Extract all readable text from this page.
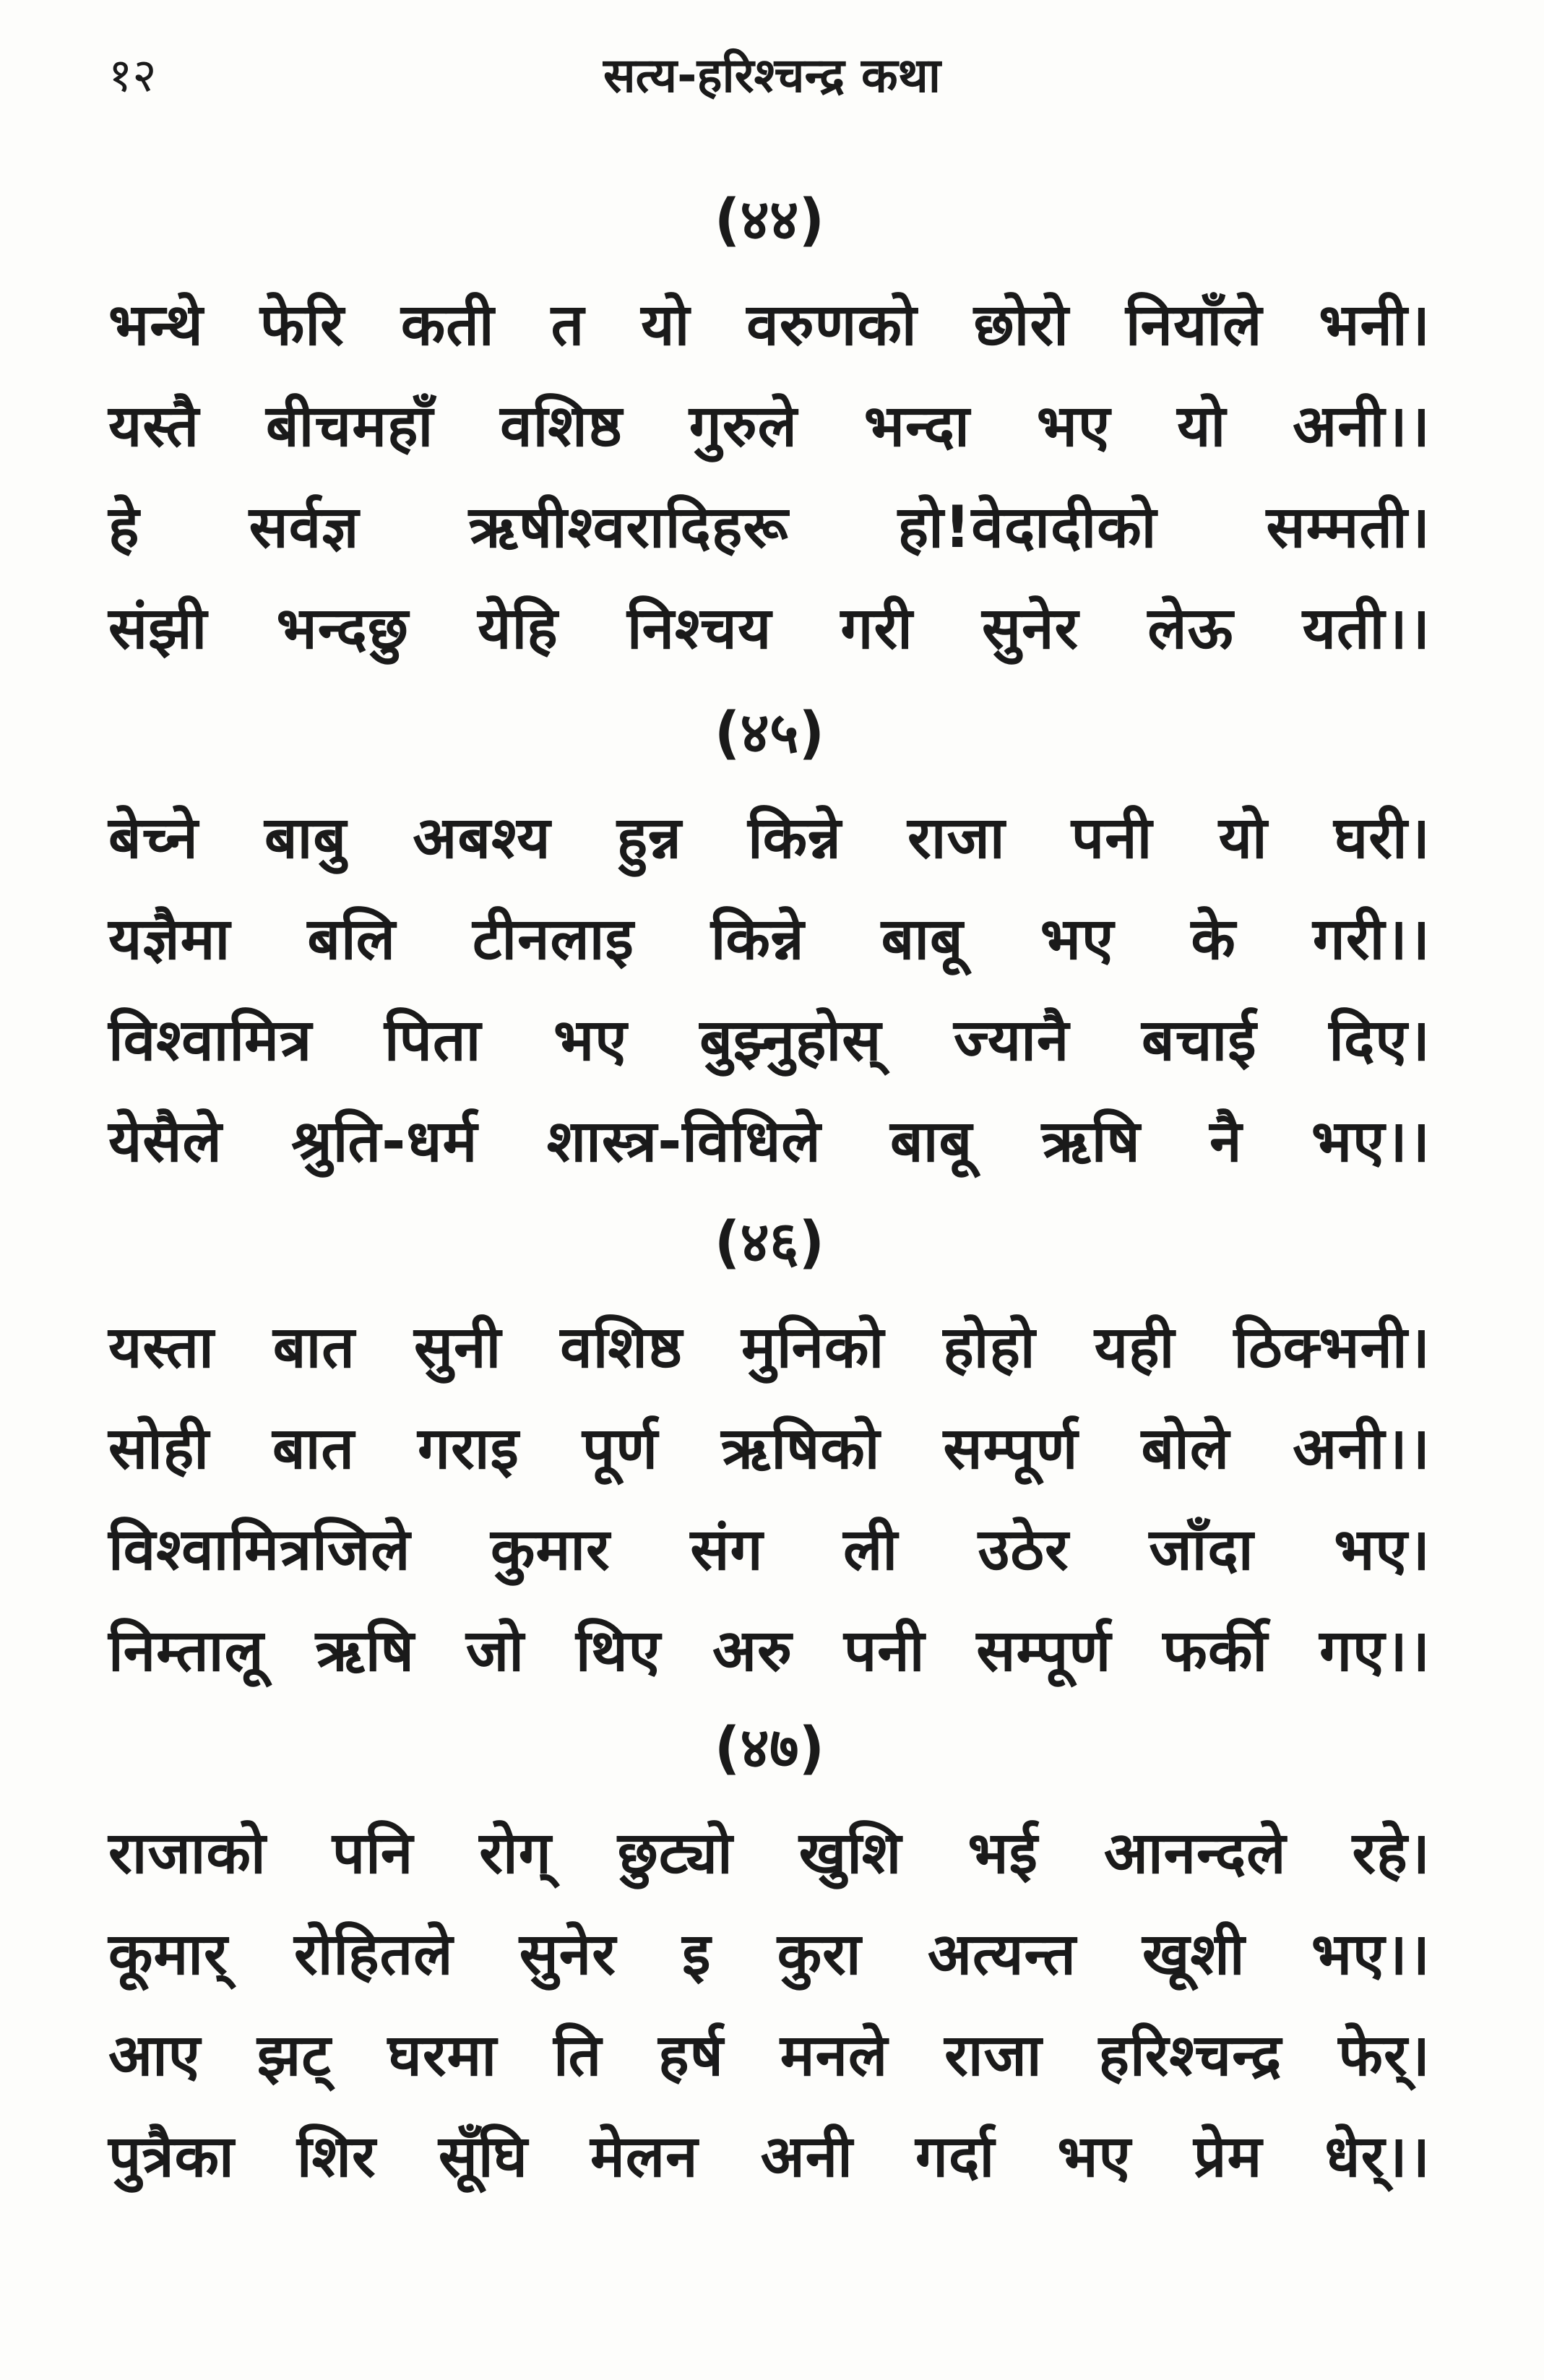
१२	सत्य-हरिश्चन्द्र कथा
(४४)
भन्थे फेरि कती त यो वरुणको छोरो नियाँले भनी।
यस्तै बीचमहाँ वशिष्ठ गुरुले भन्दा भए यो अनी।।
हे सर्वज्ञ ऋषीश्वरादिहरू हो!वेदादीको सम्मती।
संझी भन्दछु येहि निश्चय गरी सुनेर लेऊ यती।।
(४५)
बेच्ने बाबु अबश्य हुन्न किन्ने राजा पनी यो घरी।
यज्ञैमा बलि टीनलाइ किन्ने बाबू भए के गरी।।
विश्वामित्र पिता भए बुझ्नुहोस् ज्यानै बचाई दिए।
येसैले श्रुति-धर्म शास्त्र-विधिले बाबू ऋषि नै भए।।
(४६)
यस्ता बात सुनी वशिष्ठ मुनिको होहो यही ठिक्भनी।
सोही बात गराइ पूर्ण ऋषिको सम्पूर्ण बोले अनी।।
विश्वामित्रजिले कुमार संग ली उठेर जाँदा भए।
निम्तालू ऋषि जो थिए अरु पनी सम्पूर्ण फर्की गए।।
(४७)
राजाको पनि रोग् छुट्यो खुशि भई आनन्दले रहे।
कूमार् रोहितले सुनेर इ कुरा अत्यन्त खूशी भए।।
आए झट् घरमा ति हर्ष मनले राजा हरिश्चन्द्र फेर्।
पुत्रैका शिर सूँघि मेलन अनी गर्दा भए प्रेम धेर्।।
